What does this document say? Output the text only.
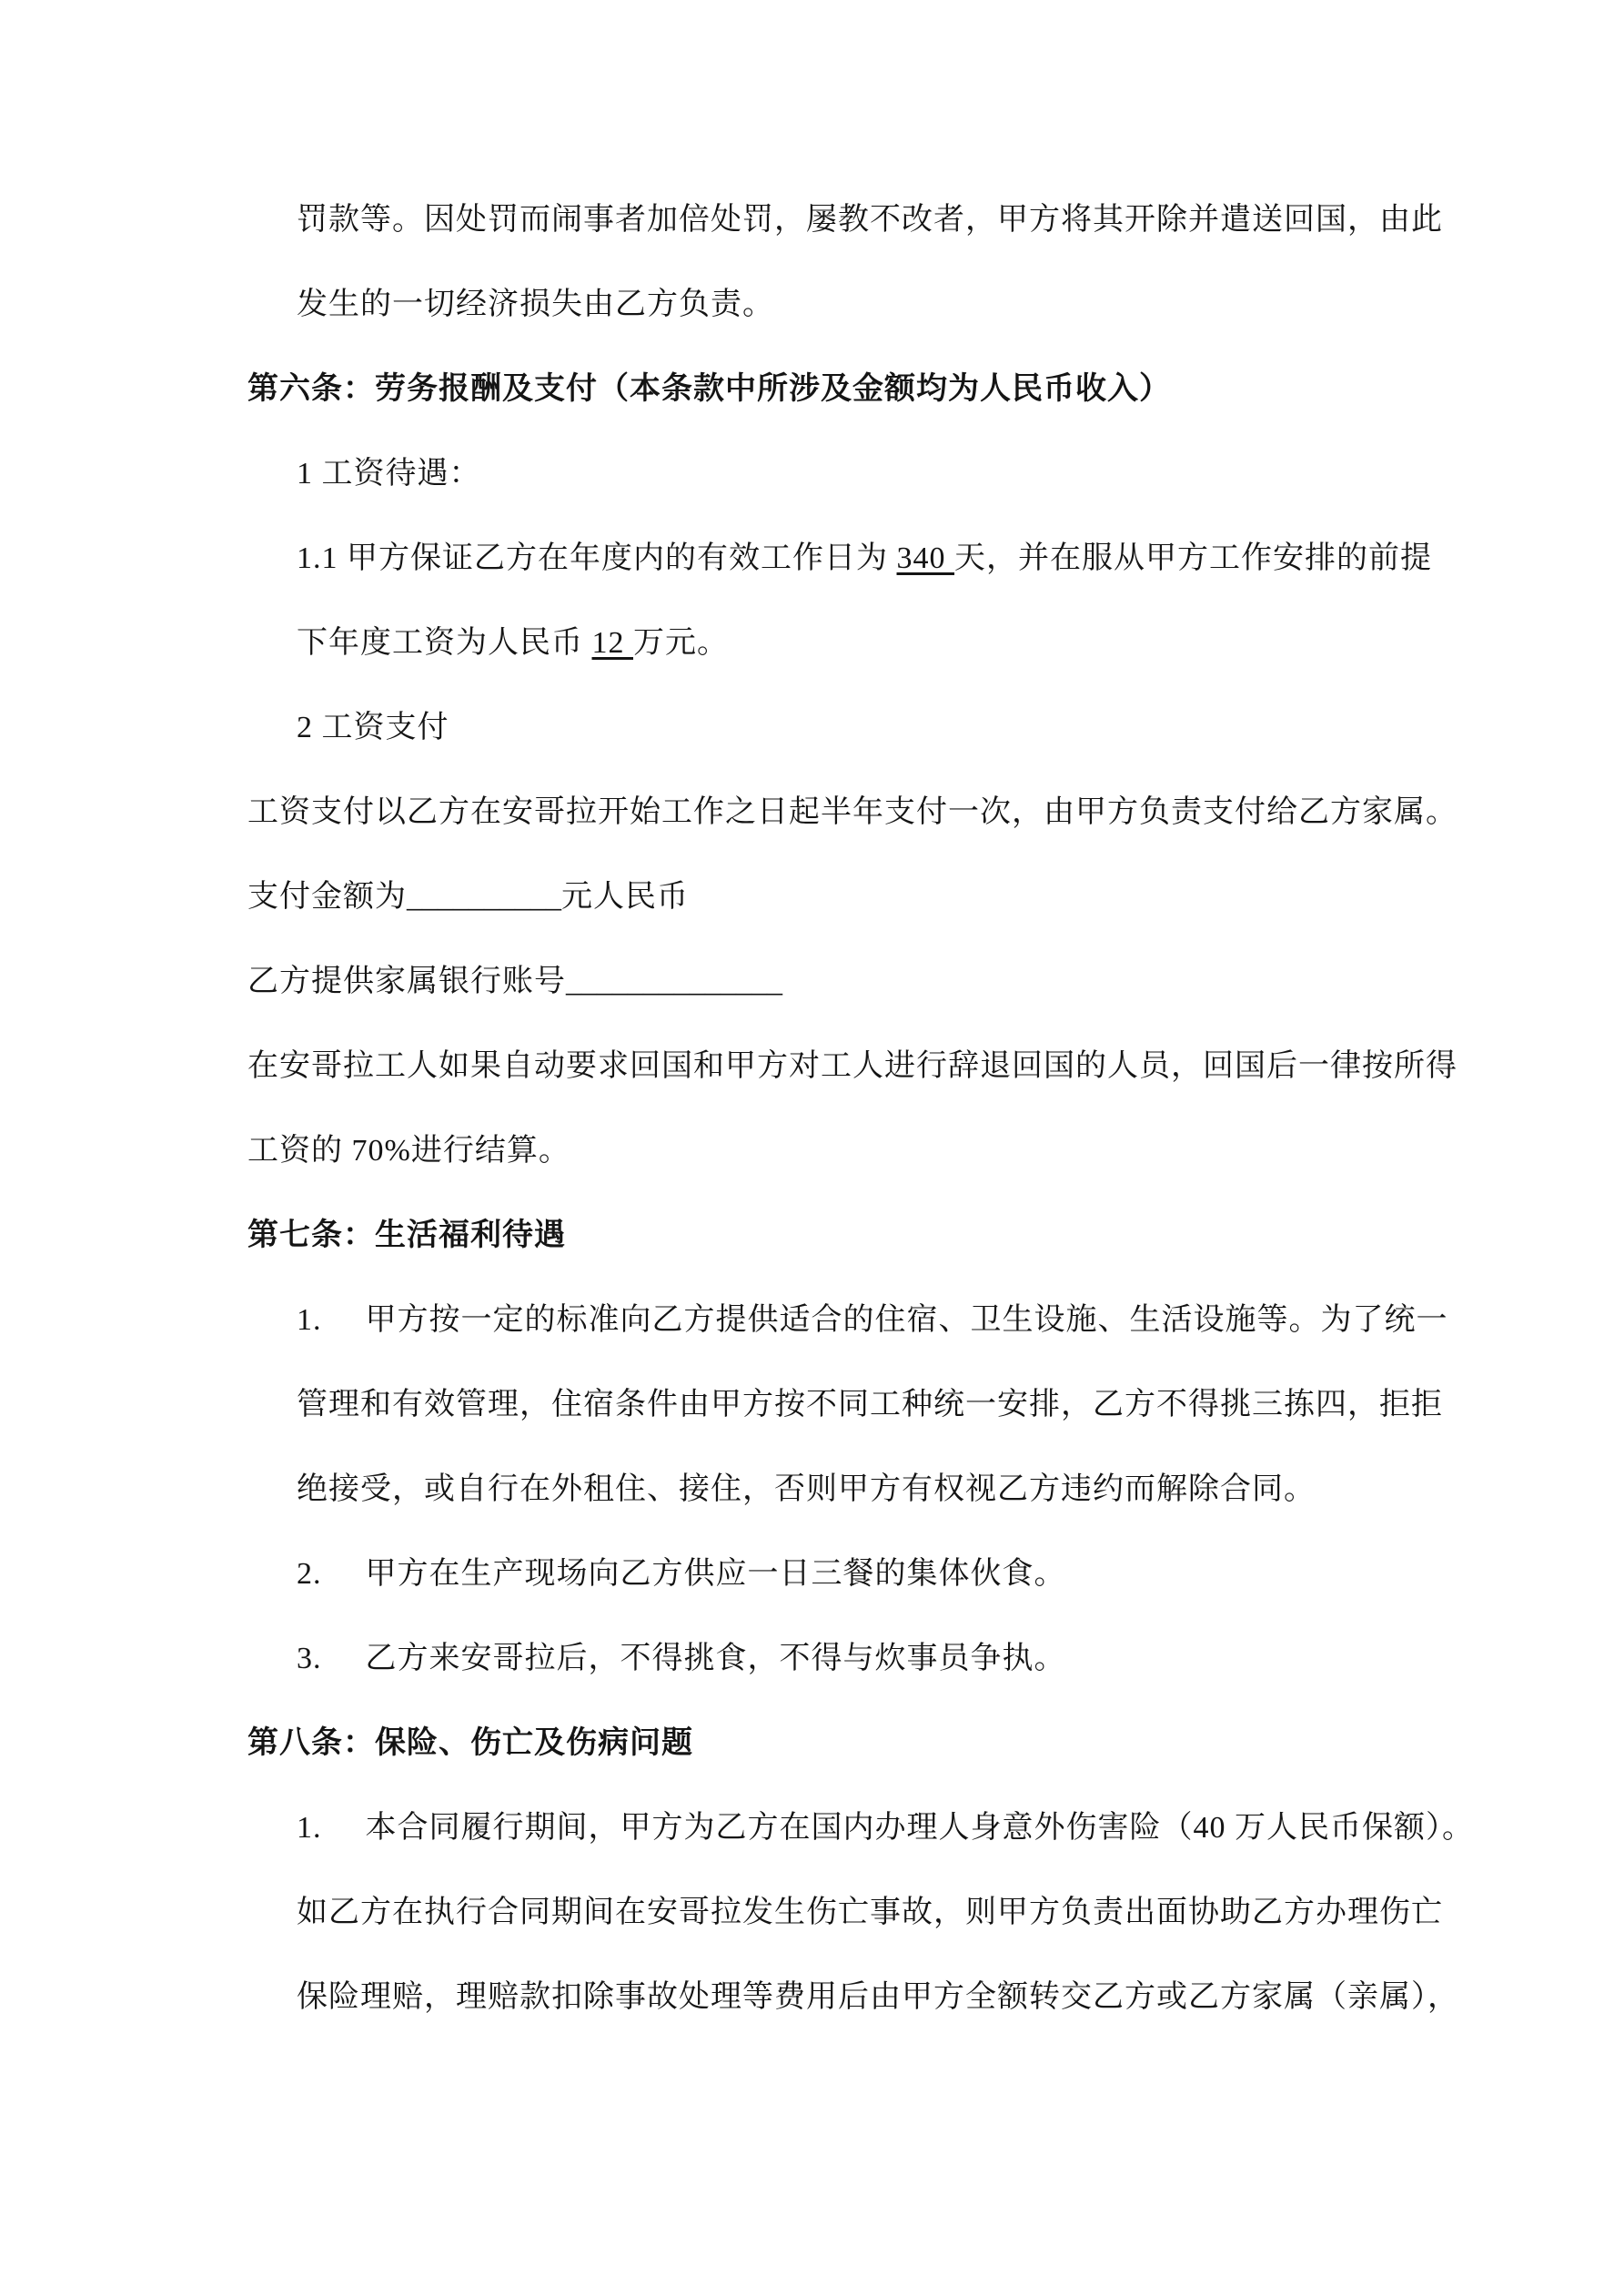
罚款等。因处罚而闹事者加倍处罚，屡教不改者，甲方将其开除并遣送回国，由此
发生的一切经济损失由乙方负责。
第六条：劳务报酬及支付（本条款中所涉及金额均为人民币收入）
1 工资待遇：
1.1 甲方保证乙方在年度内的有效工作日为 340 天，并在服从甲方工作安排的前提
下年度工资为人民币 12 万元。
2 工资支付
工资支付以乙方在安哥拉开始工作之日起半年支付一次，由甲方负责支付给乙方家属。
支付金额为__________元人民币
乙方提供家属银行账号______________
在安哥拉工人如果自动要求回国和甲方对工人进行辞退回国的人员，回国后一律按所得
工资的 70%进行结算。
第七条：生活福利待遇
1. 甲方按一定的标准向乙方提供适合的住宿、卫生设施、生活设施等。为了统一
管理和有效管理，住宿条件由甲方按不同工种统一安排，乙方不得挑三拣四，拒拒
绝接受，或自行在外租住、接住，否则甲方有权视乙方违约而解除合同。
2. 甲方在生产现场向乙方供应一日三餐的集体伙食。
3. 乙方来安哥拉后，不得挑食，不得与炊事员争执。
第八条：保险、伤亡及伤病问题
1. 本合同履行期间，甲方为乙方在国内办理人身意外伤害险（40 万人民币保额）。
如乙方在执行合同期间在安哥拉发生伤亡事故，则甲方负责出面协助乙方办理伤亡
保险理赔，理赔款扣除事故处理等费用后由甲方全额转交乙方或乙方家属（亲属），
